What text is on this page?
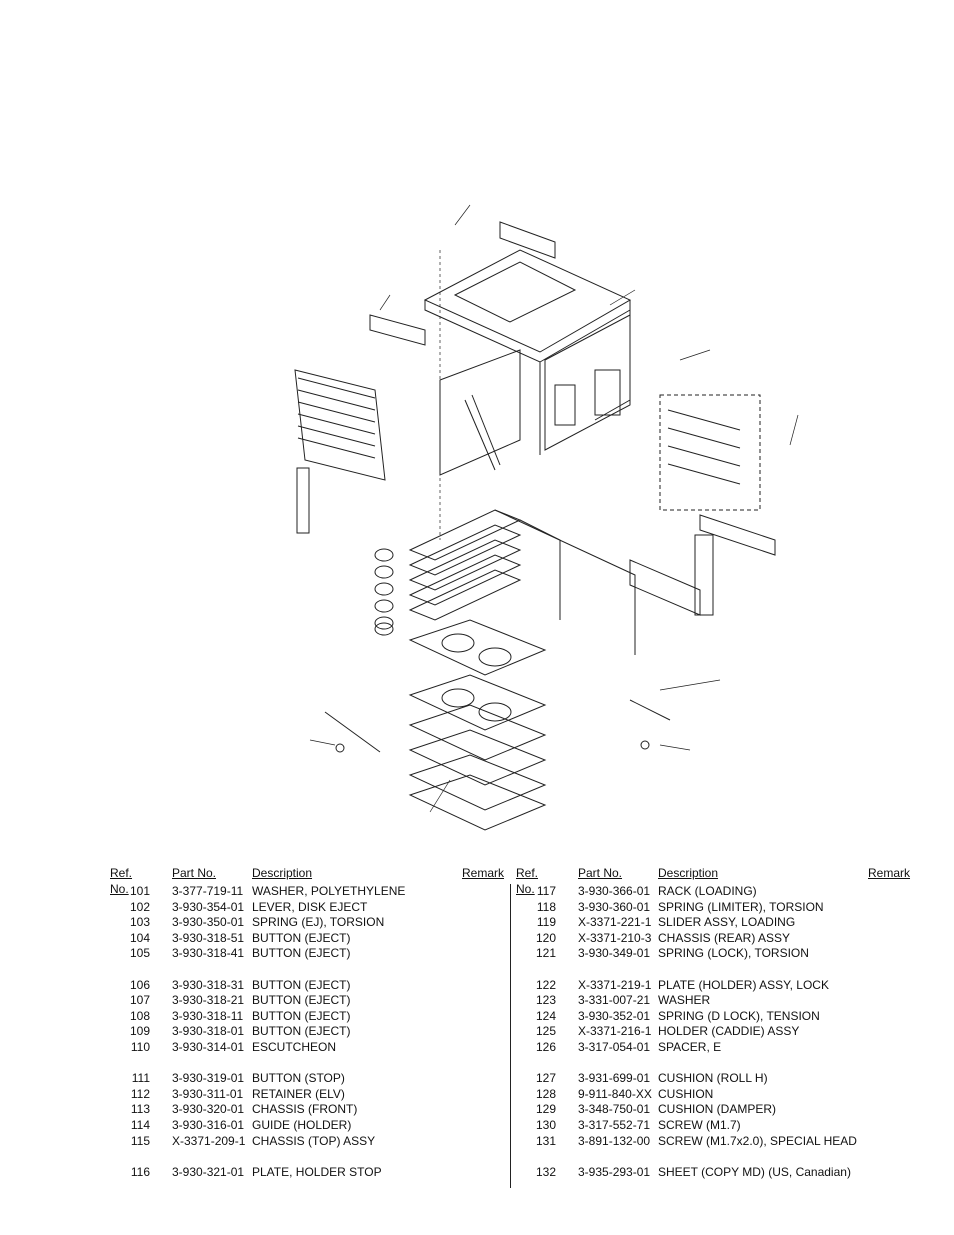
Ref. No.
Part No.	Description	Remark
101	3-377-719-11 WASHER, POLYETHYLENE
102	3-930-354-01 LEVER, DISK EJECT
103	3-930-350-01 SPRING (EJ), TORSION
104	3-930-318-51 BUTTON (EJECT)
105	3-930-318-41 BUTTON (EJECT)
106	3-930-318-31 BUTTON (EJECT)
107	3-930-318-21 BUTTON (EJECT)
108	3-930-318-11 BUTTON (EJECT)
109	3-930-318-01 BUTTON (EJECT)
110	3-930-314-01 ESCUTCHEON
111	3-930-319-01 BUTTON (STOP)
112	3-930-311-01 RETAINER (ELV)
113	3-930-320-01 CHASSIS (FRONT)
114	3-930-316-01 GUIDE (HOLDER)
115	X-3371-209-1 CHASSIS (TOP) ASSY
116	3-930-321-01 PLATE, HOLDER STOP
Ref. No.
Part No.	Description	Remark
117	3-930-366-01 RACK (LOADING)
118	3-930-360-01 SPRING (LIMITER), TORSION
119	X-3371-221-1 SLIDER ASSY, LOADING
120	X-3371-210-3 CHASSIS (REAR) ASSY
121	3-930-349-01 SPRING (LOCK), TORSION
122	X-3371-219-1 PLATE (HOLDER) ASSY, LOCK
123	3-331-007-21 WASHER
124	3-930-352-01 SPRING (D LOCK), TENSION
125	X-3371-216-1 HOLDER (CADDIE) ASSY
126	3-317-054-01 SPACER, E
127	3-931-699-01 CUSHION (ROLL H)
128	9-911-840-XX CUSHION
129	3-348-750-01 CUSHION (DAMPER)
130	3-317-552-71 SCREW (M1.7)
131	3-891-132-00 SCREW (M1.7x2.0), SPECIAL HEAD
132	3-935-293-01 SHEET (COPY MD) (US, Canadian)
